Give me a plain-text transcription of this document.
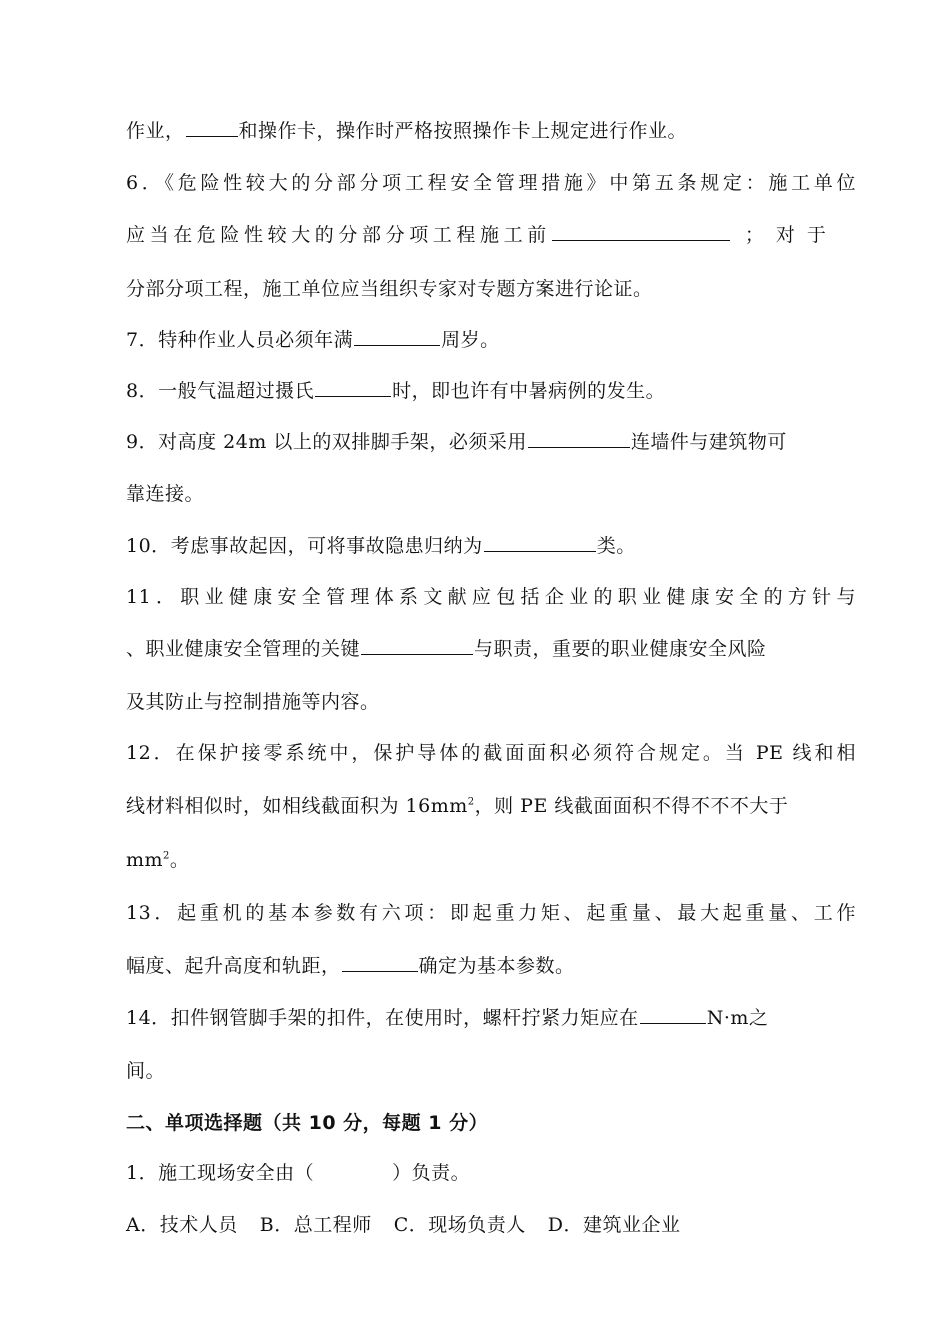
作业，	和操作卡，操作时严格按照操作卡上规定进行作业。
6．《危险性较大的分部分项工程安全管理措施》中第五条规定：施工单位
应当在危险性较大的分部分项工程施工前	；对于
分部分项工程，施工单位应当组织专家对专题方案进行论证。
7．特种作业人员必须年满	周岁。
8．一般气温超过摄氏	时，即也许有中暑病例的发生。
9．对高度 24m 以上的双排脚手架，必须采用	连墙件与建筑物可
靠连接。
10．考虑事故起因，可将事故隐患归纳为	类。
11．职业健康安全管理体系文献应包括企业的职业健康安全的方针与
、职业健康安全管理的关键	与职责，重要的职业健康安全风险
及其防止与控制措施等内容。
12．在保护接零系统中，保护导体的截面面积必须符合规定。当 PE 线和相
线材料相似时，如相线截面积为 $16mm^2$，则 PE 线截面面积不得不不不大于
$mm^2$。
13．起重机的基本参数有六项：即起重力矩、起重量、最大起重量、工作
幅度、起升高度和轨距，	确定为基本参数。
14．扣件钢管脚手架的扣件，在使用时，螺杆拧紧力矩应在	N·m之
间。
二、单项选择题（共 10 分，每题 1 分）
1．施工现场安全由（	）负责。
A．技术人员 B．总工程师 C．现场负责人 D．建筑业企业
